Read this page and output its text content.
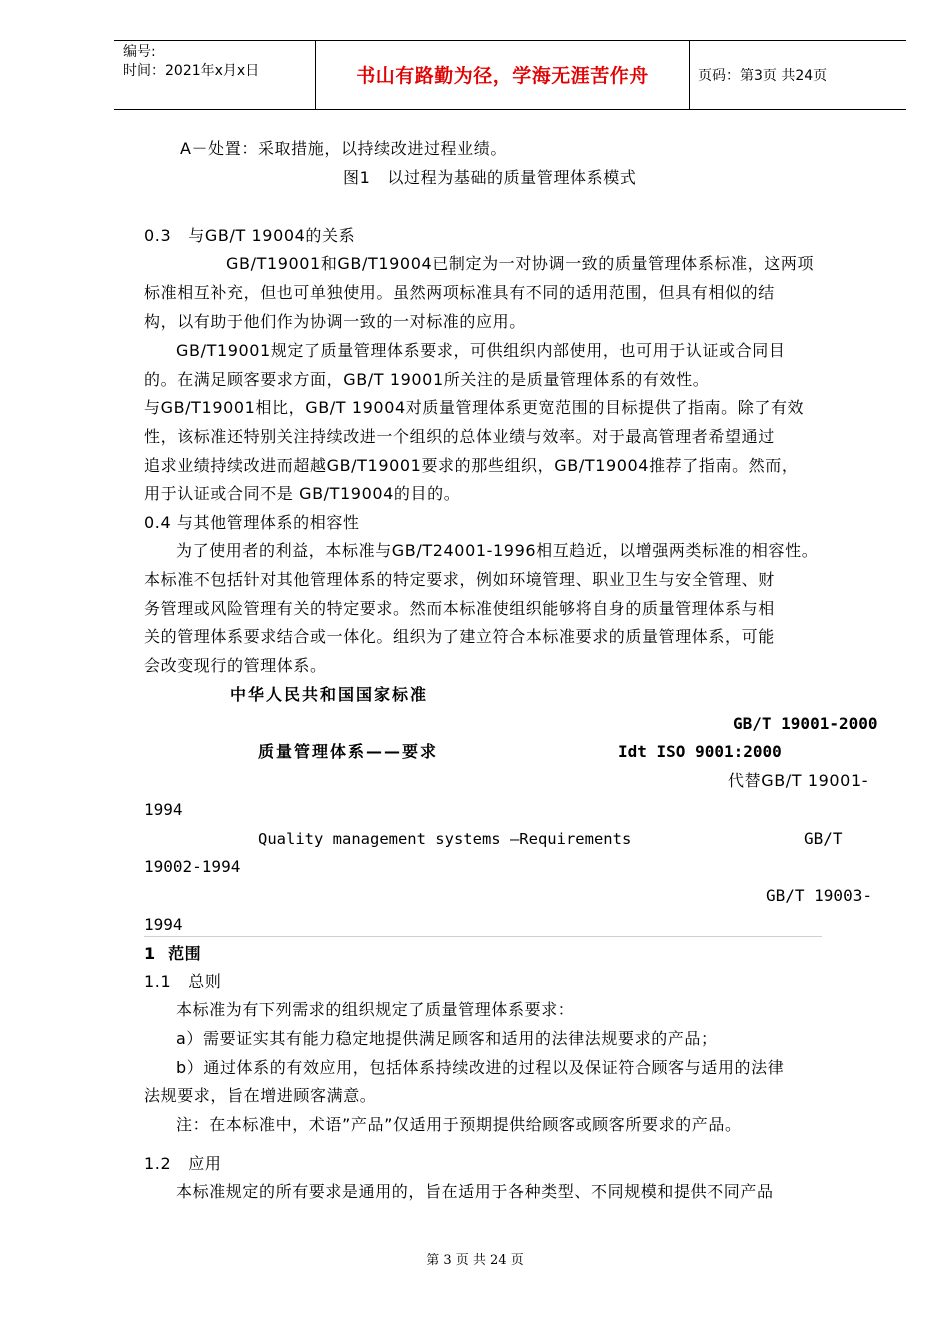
编号:
时间：2021年x月x日	书山有路勤为径，学海无涯苦作舟	页码：第3页 共24页
A－处置：采取措施，以持续改进过程业绩。
图1   以过程为基础的质量管理体系模式
0.3   与GB/T 19004的关系
GB/T19001和GB/T19004已制定为一对协调一致的质量管理体系标准，这两项
标准相互补充，但也可单独使用。虽然两项标准具有不同的适用范围，但具有相似的结
构，以有助于他们作为协调一致的一对标准的应用。
GB/T19001规定了质量管理体系要求，可供组织内部使用，也可用于认证或合同目
的。在满足顾客要求方面，GB/T 19001所关注的是质量管理体系的有效性。
与GB/T19001相比，GB/T 19004对质量管理体系更宽范围的目标提供了指南。除了有效
性，该标准还特别关注持续改进一个组织的总体业绩与效率。对于最高管理者希望通过
追求业绩持续改进而超越GB/T19001要求的那些组织，GB/T19004推荐了指南。然而，
用于认证或合同不是 GB/T19004的目的。
0.4 与其他管理体系的相容性
为了使用者的利益，本标准与GB/T24001-1996相互趋近，以增强两类标准的相容性。
本标准不包括针对其他管理体系的特定要求，例如环境管理、职业卫生与安全管理、财
务管理或风险管理有关的特定要求。然而本标准使组织能够将自身的质量管理体系与相
关的管理体系要求结合或一体化。组织为了建立符合本标准要求的质量管理体系，可能
会改变现行的管理体系。
中华人民共和国国家标准
GB/T 19001-2000
质量管理体系——要求	Idt ISO 9001:2000
代替GB/T 19001-
1994
Quality management systems —Requirements	GB/T
19002-1994
GB/T 19003-
1994
1  范围
1.1   总则
本标准为有下列需求的组织规定了质量管理体系要求：
a）需要证实其有能力稳定地提供满足顾客和适用的法律法规要求的产品；
b）通过体系的有效应用，包括体系持续改进的过程以及保证符合顾客与适用的法律
法规要求，旨在增进顾客满意。
注：在本标准中，术语”产品”仅适用于预期提供给顾客或顾客所要求的产品。
1.2   应用
本标准规定的所有要求是通用的，旨在适用于各种类型、不同规模和提供不同产品
第 3 页 共 24 页
